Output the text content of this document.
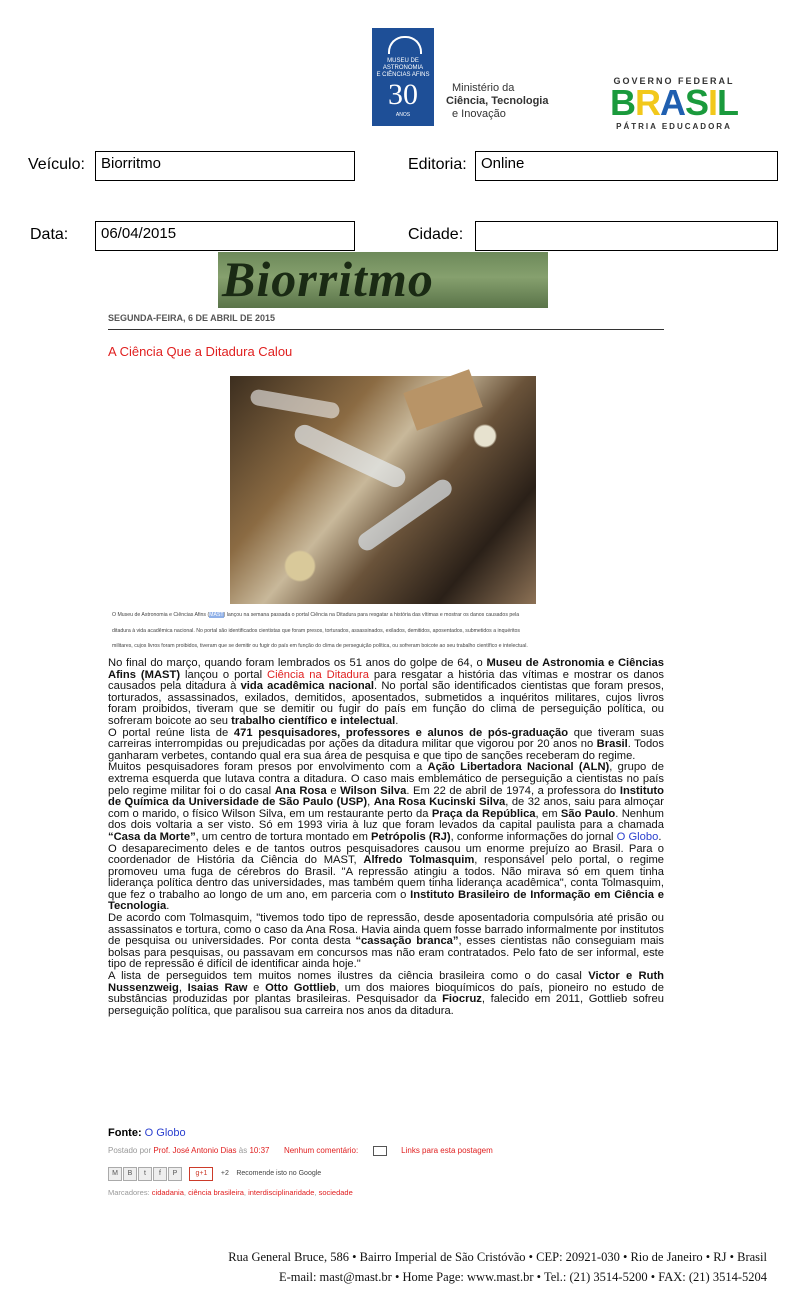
MUSEU DE
ASTRONOMIA
E CIÊNCIAS AFINS
30
ANOS
Ministério da
Ciência, Tecnologia
e Inovação
GOVERNO FEDERAL
BRASIL
PÁTRIA EDUCADORA
Veículo:	Biorritmo	Editoria: Online
Data:	06/04/2015	Cidade:
Biorritmo
SEGUNDA-FEIRA, 6 DE ABRIL DE 2015
A Ciência Que a Ditadura Calou
O Museu de Astronomia e Ciências Afins (MAST) lançou na semana passada o portal Ciência na Ditadura para resgatar a história das vítimas e mostrar os danos causados pela
ditadura à vida acadêmica nacional. No portal são identificados cientistas que foram presos, torturados, assassinados, exilados, demitidos, aposentados, submetidos a inquéritos
militares, cujos livros foram proibidos, tiveram que se demitir ou fugir do país em função do clima de perseguição política, ou sofreram boicote ao seu trabalho científico e intelectual.

No final do março, quando foram lembrados os 51 anos do golpe de 64, o Museu de Astronomia e Ciências Afins (MAST) lançou o portal Ciência na Ditadura para resgatar a história das vítimas e mostrar os danos causados pela ditadura à vida acadêmica nacional. No portal são identificados cientistas que foram presos, torturados, assassinados, exilados, demitidos, aposentados, submetidos a inquéritos militares, cujos livros foram proibidos, tiveram que se demitir ou fugir do país em função do clima de perseguição política, ou sofreram boicote ao seu trabalho científico e intelectual.

O portal reúne lista de 471 pesquisadores, professores e alunos de pós-graduação que tiveram suas carreiras interrompidas ou prejudicadas por ações da ditadura militar que vigorou por 20 anos no Brasil. Todos ganharam verbetes, contando qual era sua área de pesquisa e que tipo de sanções receberam do regime.

Muitos pesquisadores foram presos por envolvimento com a Ação Libertadora Nacional (ALN), grupo de extrema esquerda que lutava contra a ditadura. O caso mais emblemático de perseguição a cientistas no país pelo regime militar foi o do casal Ana Rosa e Wilson Silva. Em 22 de abril de 1974, a professora do Instituto de Química da Universidade de São Paulo (USP), Ana Rosa Kucinski Silva, de 32 anos, saiu para almoçar com o marido, o físico Wilson Silva, em um restaurante perto da Praça da República, em São Paulo. Nenhum dos dois voltaria a ser visto. Só em 1993 viria à luz que foram levados da capital paulista para a chamada “Casa da Morte”, um centro de tortura montado em Petrópolis (RJ), conforme informações do jornal O Globo.

O desaparecimento deles e de tantos outros pesquisadores causou um enorme prejuízo ao Brasil. Para o coordenador de História da Ciência do MAST, Alfredo Tolmasquim, responsável pelo portal, o regime promoveu uma fuga de cérebros do Brasil. "A repressão atingiu a todos. Não mirava só em quem tinha liderança política dentro das universidades, mas também quem tinha liderança acadêmica", conta Tolmasquim, que fez o trabalho ao longo de um ano, em parceria com o Instituto Brasileiro de Informação em Ciência e Tecnologia.

De acordo com Tolmasquim, "tivemos todo tipo de repressão, desde aposentadoria compulsória até prisão ou assassinatos e tortura, como o caso da Ana Rosa. Havia ainda quem fosse barrado informalmente por institutos de pesquisa ou universidades. Por conta desta “cassação branca”, esses cientistas não conseguiam mais bolsas para pesquisas, ou passavam em concursos mas não eram contratados. Pelo fato de ser informal, este tipo de repressão é difícil de identificar ainda hoje."

A lista de perseguidos tem muitos nomes ilustres da ciência brasileira como o do casal Victor e Ruth Nussenzweig, Isaias Raw e Otto Gottlieb, um dos maiores bioquímicos do país, pioneiro no estudo de substâncias produzidas por plantas brasileiras. Pesquisador da Fiocruz, falecido em 2011, Gottlieb sofreu perseguição política, que paralisou sua carreira nos anos da ditadura.

Fonte: O Globo
Postado por Prof. José Antonio Dias às 10:37 Nenhum comentário:	Links para esta postagem
M B t f P	g+1 +2 Recomende isto no Google
Marcadores: cidadania, ciência brasileira, interdisciplinaridade, sociedade
Rua General Bruce, 586 • Bairro Imperial de São Cristóvão • CEP: 20921-030 • Rio de Janeiro • RJ • Brasil
E-mail: mast@mast.br • Home Page: www.mast.br • Tel.: (21) 3514-5200 • FAX: (21) 3514-5204
